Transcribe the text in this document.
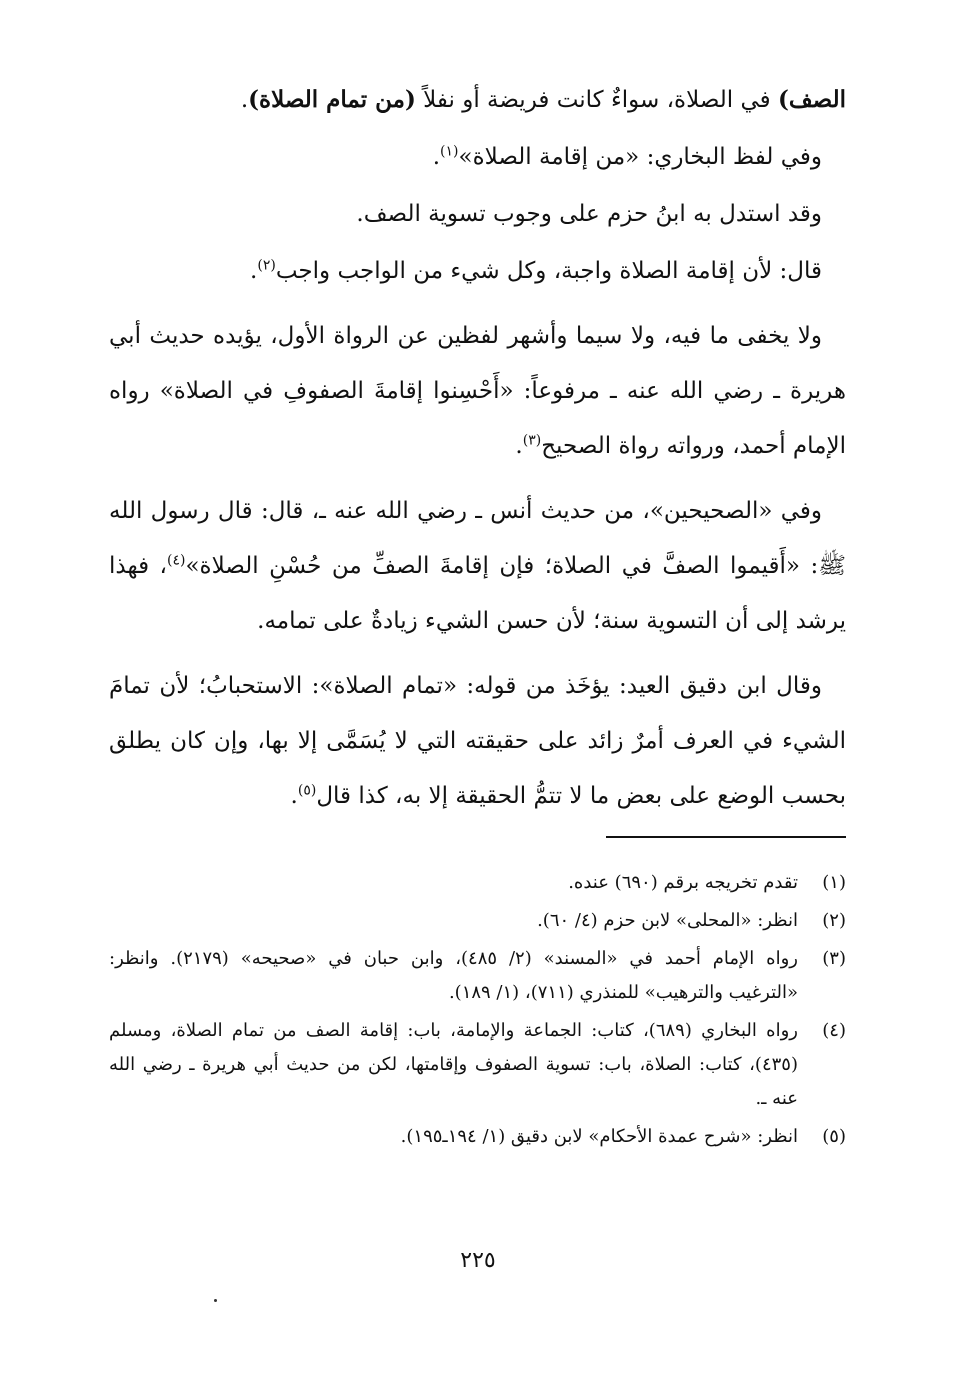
الصف) في الصلاة، سواءٌ كانت فريضة أو نفلاً (من تمام الصلاة).

وفي لفظ البخاري: «من إقامة الصلاة»$^{(١)}$.

وقد استدل به ابنُ حزم على وجوب تسوية الصف.

قال: لأن إقامة الصلاة واجبة، وكل شيء من الواجب واجب$^{(٢)}$.

ولا يخفى ما فيه، ولا سيما وأشهر لفظين عن الرواة الأول، يؤيده حديث أبي هريرة ـ رضي الله عنه ـ مرفوعاً: «أَحْسِنوا إقامةَ الصفوفِ في الصلاة» رواه الإمام أحمد، ورواته رواة الصحيح$^{(٣)}$.

وفي «الصحيحين»، من حديث أنس ـ رضي الله عنه ـ، قال: قال رسول الله ﷺ: «أَقيموا الصفَّ في الصلاة؛ فإن إقامةَ الصفِّ من حُسْنِ الصلاة»$^{(٤)}$، فهذا يرشد إلى أن التسوية سنة؛ لأن حسن الشيء زيادةٌ على تمامه.

وقال ابن دقيق العيد: يؤخَذ من قوله: «تمام الصلاة»: الاستحبابُ؛ لأن تمامَ الشيء في العرف أمرٌ زائد على حقيقته التي لا يُسَمَّى إلا بها، وإن كان يطلق بحسب الوضع على بعض ما لا تتمُّ الحقيقة إلا به، كذا قال$^{(٥)}$.

(١)
تقدم تخريجه برقم (٦٩٠) عنده.
(٢)
انظر: «المحلى» لابن حزم (٤/ ٦٠).
(٣)
رواه الإمام أحمد في «المسند» (٢/ ٤٨٥)، وابن حبان في «صحيحه» (٢١٧٩). وانظر: «الترغيب والترهيب» للمنذري (٧١١)، (١/ ١٨٩).
(٤)
رواه البخاري (٦٨٩)، كتاب: الجماعة والإمامة، باب: إقامة الصف من تمام الصلاة، ومسلم (٤٣٥)، كتاب: الصلاة، باب: تسوية الصفوف وإقامتها، لكن من حديث أبي هريرة ـ رضي الله عنه ـ.
(٥)
انظر: «شرح عمدة الأحكام» لابن دقيق (١/ ١٩٤ـ١٩٥).
٢٢٥
